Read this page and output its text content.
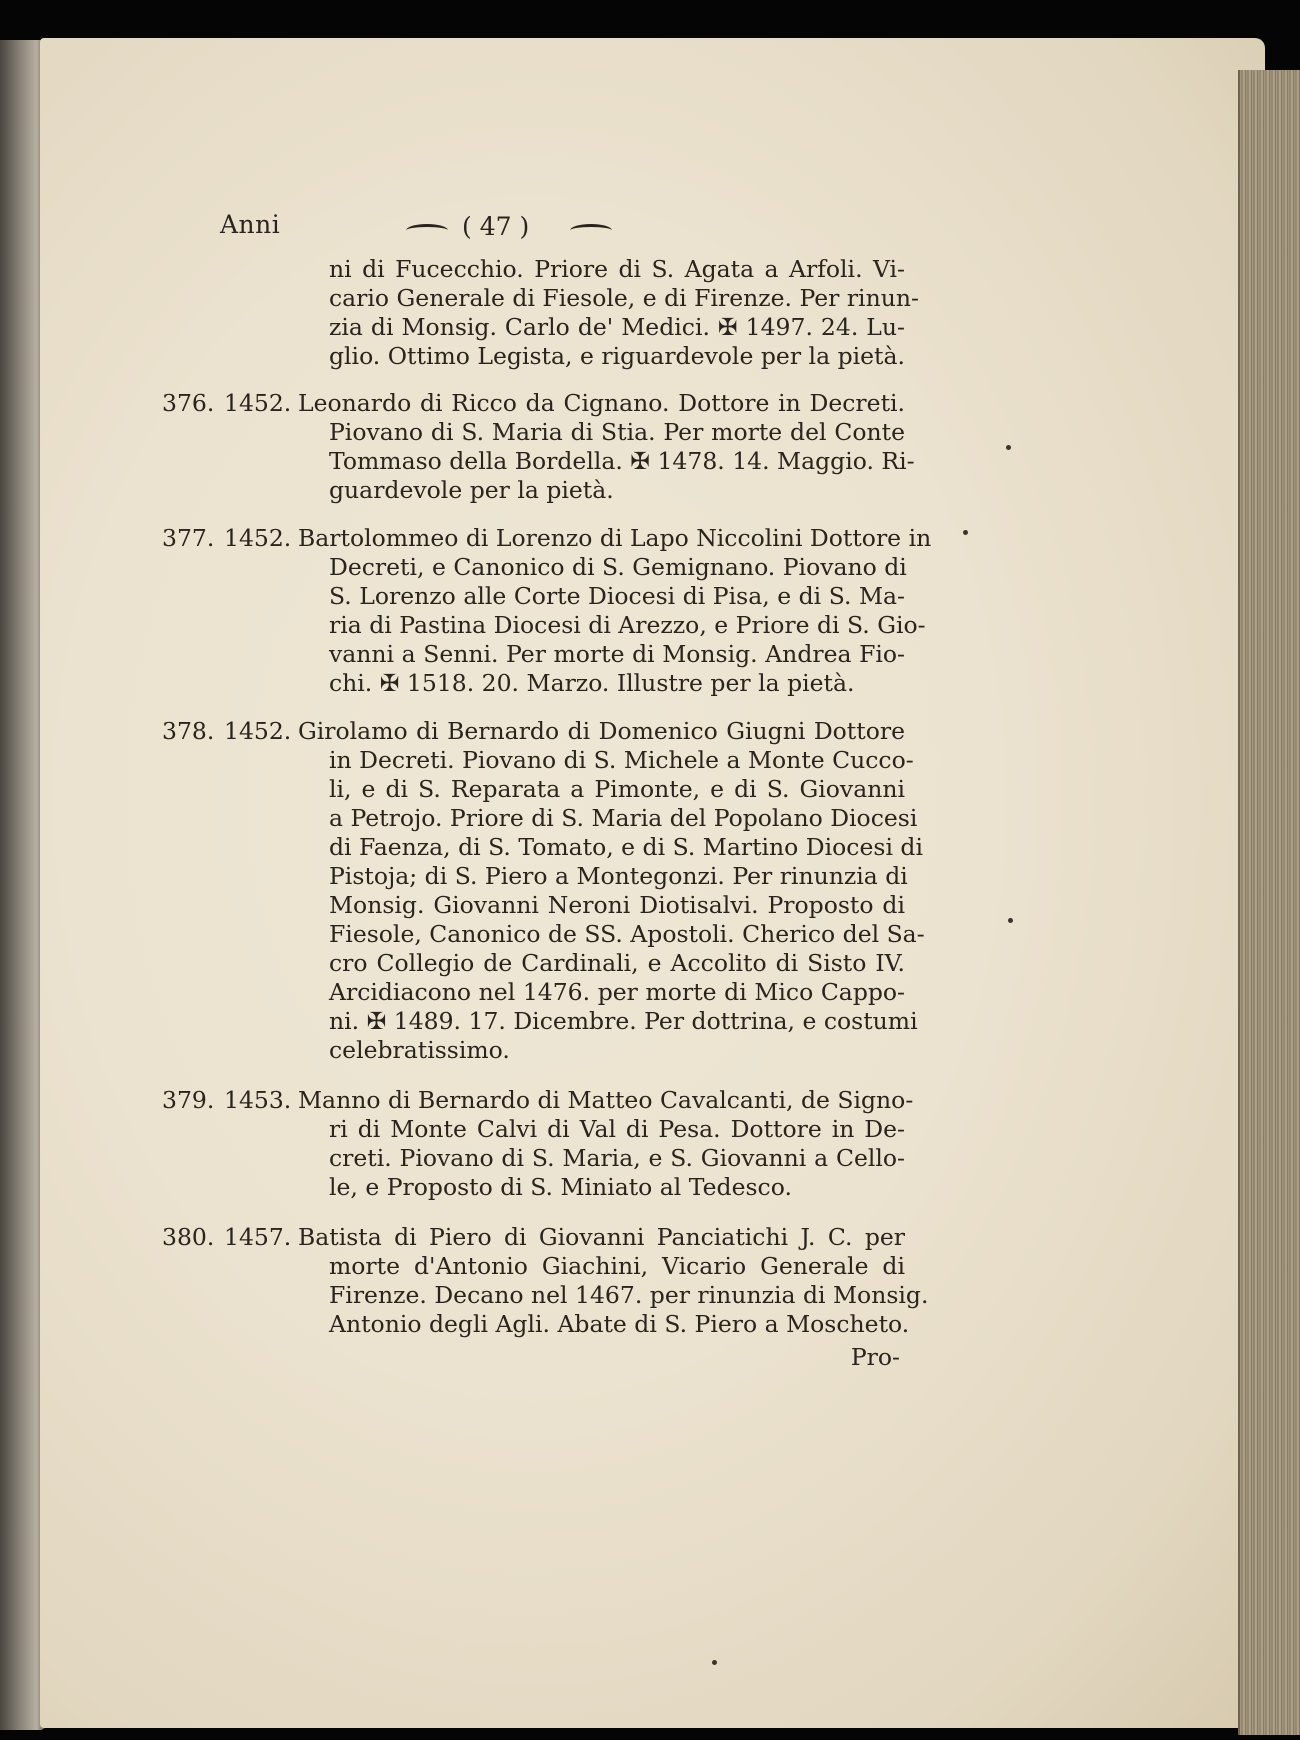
Anni	( 47 )
ni di Fucecchio. Priore di S. Agata a Arfoli. Vi-
cario Generale di Fiesole, e di Firenze. Per rinun-
zia di Monsig. Carlo de' Medici. ✠ 1497. 24. Lu-
glio. Ottimo Legista, e riguardevole per la pietà.
376. 1452. Leonardo di Ricco da Cignano. Dottore in Decreti.
Piovano di S. Maria di Stia. Per morte del Conte
Tommaso della Bordella. ✠ 1478. 14. Maggio. Ri-
guardevole per la pietà.
377. 1452. Bartolommeo di Lorenzo di Lapo Niccolini Dottore in
Decreti, e Canonico di S. Gemignano. Piovano di
S. Lorenzo alle Corte Diocesi di Pisa, e di S. Ma-
ria di Pastina Diocesi di Arezzo, e Priore di S. Gio-
vanni a Senni. Per morte di Monsig. Andrea Fio-
chi. ✠ 1518. 20. Marzo. Illustre per la pietà.
378. 1452. Girolamo di Bernardo di Domenico Giugni Dottore
in Decreti. Piovano di S. Michele a Monte Cucco-
li, e di S. Reparata a Pimonte, e di S. Giovanni
a Petrojo. Priore di S. Maria del Popolano Diocesi
di Faenza, di S. Tomato, e di S. Martino Diocesi di
Pistoja; di S. Piero a Montegonzi. Per rinunzia di
Monsig. Giovanni Neroni Diotisalvi. Proposto di
Fiesole, Canonico de SS. Apostoli. Cherico del Sa-
cro Collegio de Cardinali, e Accolito di Sisto IV.
Arcidiacono nel 1476. per morte di Mico Cappo-
ni. ✠ 1489. 17. Dicembre. Per dottrina, e costumi
celebratissimo.
379. 1453. Manno di Bernardo di Matteo Cavalcanti, de Signo-
ri di Monte Calvi di Val di Pesa. Dottore in De-
creti. Piovano di S. Maria, e S. Giovanni a Cello-
le, e Proposto di S. Miniato al Tedesco.
380. 1457. Batista di Piero di Giovanni Panciatichi J. C. per
morte d'Antonio Giachini, Vicario Generale di
Firenze. Decano nel 1467. per rinunzia di Monsig.
Antonio degli Agli. Abate di S. Piero a Moscheto.
Pro-
